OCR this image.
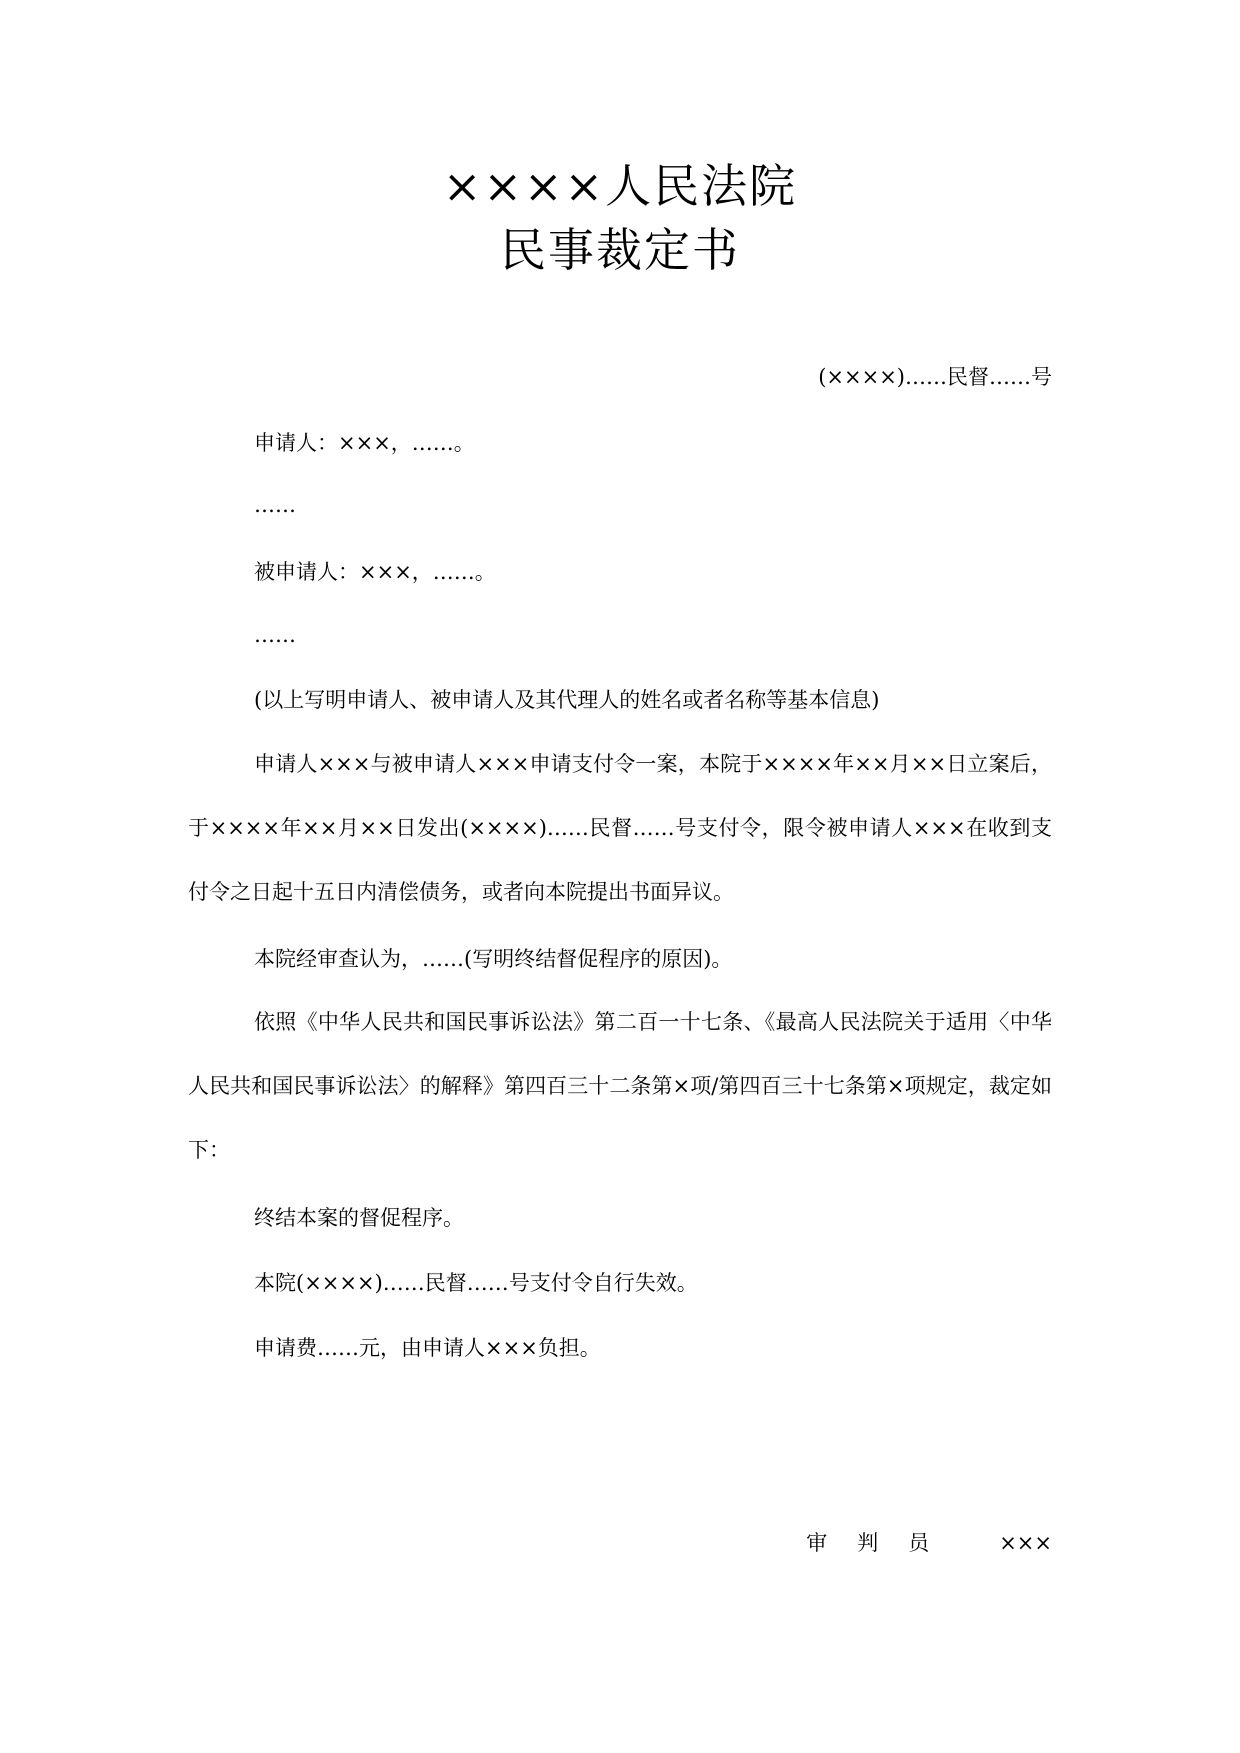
××××人民法院
民事裁定书
(××××)……民督……号
申请人：×××，……。
……
被申请人：×××，……。
……
(以上写明申请人、被申请人及其代理人的姓名或者名称等基本信息)

申请人×××与被申请人×××申请支付令一案，本院于××××年××月××日立案后，于××××年××月××日发出(××××)……民督……号支付令，限令被申请人×××在收到支付令之日起十五日内清偿债务，或者向本院提出书面异议。

本院经审查认为，……(写明终结督促程序的原因)。

依照《中华人民共和国民事诉讼法》第二百一十七条、《最高人民法院关于适用〈中华人民共和国民事诉讼法〉的解释》第四百三十二条第×项/第四百三十七条第×项规定，裁定如下：

终结本案的督促程序。
本院(××××)……民督……号支付令自行失效。
申请费……元，由申请人×××负担。
审判员 ×××
